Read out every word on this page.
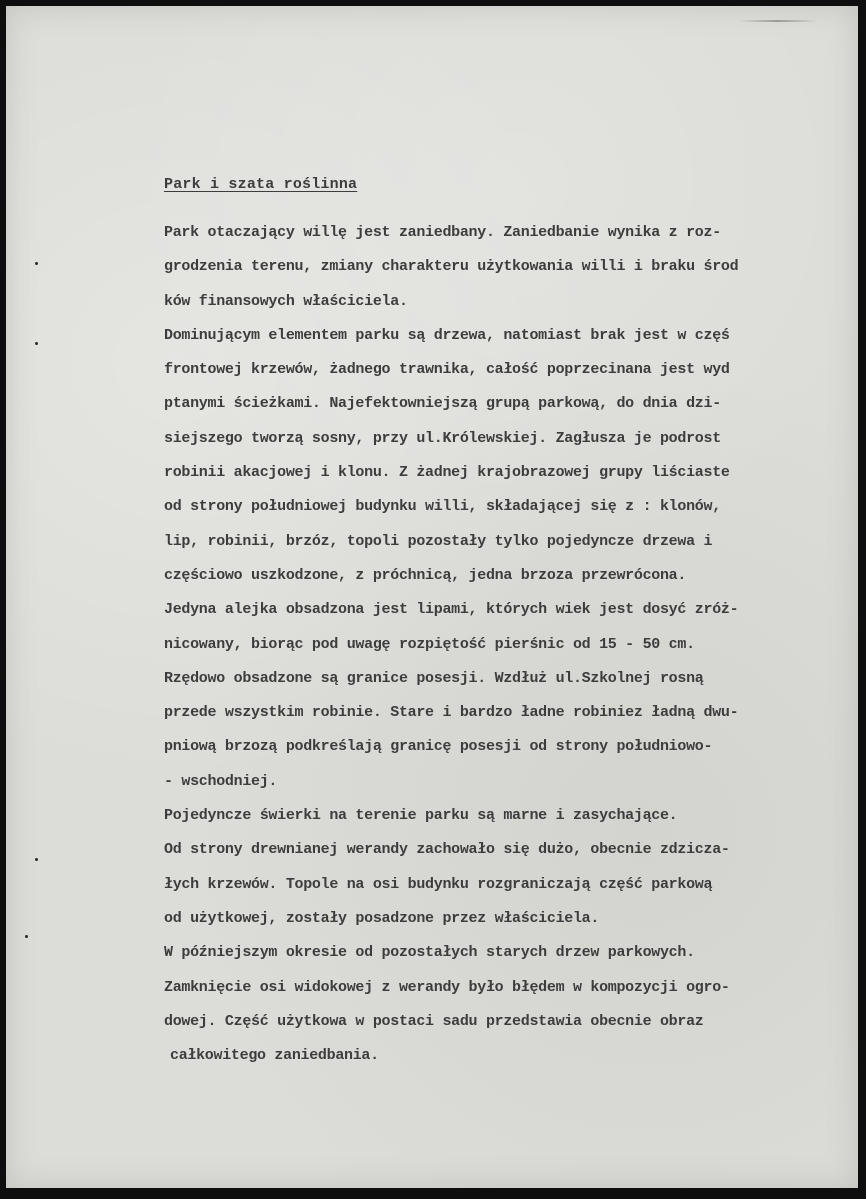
Park i szata roślinna
Park otaczający willę jest zaniedbany. Zaniedbanie wynika z roz-
grodzenia terenu, zmiany charakteru użytkowania willi i braku środ
ków finansowych właściciela.
Dominującym elementem parku są drzewa, natomiast brak jest w częś
frontowej krzewów, żadnego trawnika, całość poprzecinana jest wyd
ptanymi ścieżkami. Najefektowniejszą grupą parkową, do dnia dzi-
siejszego tworzą sosny, przy ul.Królewskiej. Zagłusza je podrost
robinii akacjowej i klonu. Z żadnej krajobrazowej grupy liściaste
od strony południowej budynku willi, składającej się z : klonów,
lip, robinii, brzóz, topoli pozostały tylko pojedyncze drzewa i
częściowo uszkodzone, z próchnicą, jedna brzoza przewrócona.
Jedyna alejka obsadzona jest lipami, których wiek jest dosyć zróż-
nicowany, biorąc pod uwagę rozpiętość pierśnic od 15 - 50 cm.
Rzędowo obsadzone są granice posesji. Wzdłuż ul.Szkolnej rosną
przede wszystkim robinie. Stare i bardzo ładne robiniez ładną dwu-
pniową brzozą podkreślają granicę posesji od strony południowo-
- wschodniej.
Pojedyncze świerki na terenie parku są marne i zasychające.
Od strony drewnianej werandy zachowało się dużo, obecnie zdzicza-
łych krzewów. Topole na osi budynku rozgraniczają część parkową
od użytkowej, zostały posadzone przez właściciela.
W późniejszym okresie od pozostałych starych drzew parkowych.
Zamknięcie osi widokowej z werandy było błędem w kompozycji ogro-
dowej. Część użytkowa w postaci sadu przedstawia obecnie obraz
całkowitego zaniedbania.
